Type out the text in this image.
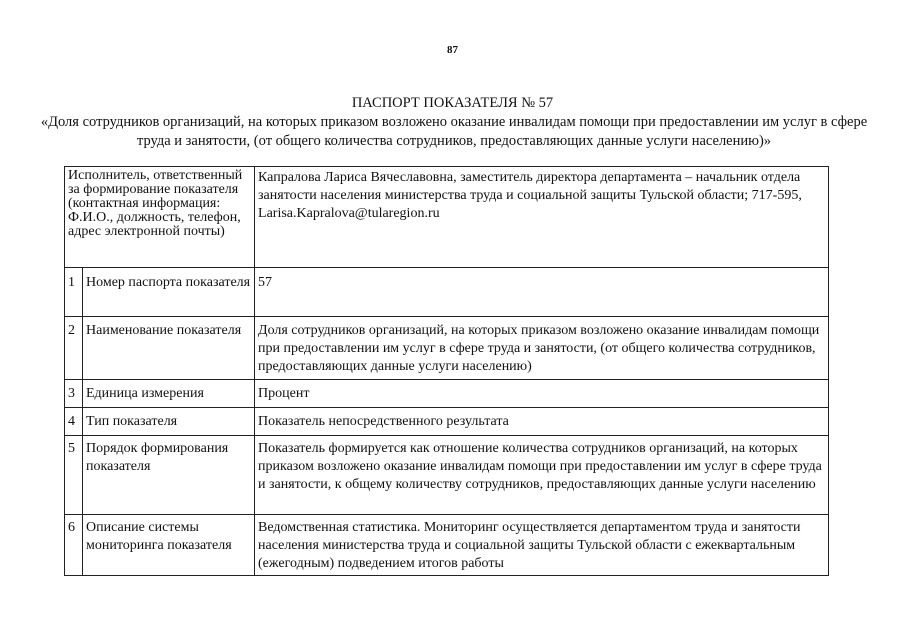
87
ПАСПОРТ ПОКАЗАТЕЛЯ № 57
«Доля сотрудников организаций, на которых приказом возложено оказание инвалидам помощи при предоставлении им услуг в сфере труда и занятости, (от общего количества сотрудников, предоставляющих данные услуги населению)»
Исполнитель, ответственный за формирование показателя (контактная информация: Ф.И.О., должность, телефон, адрес электронной почты)		Капралова Лариса Вячеславовна, заместитель директора департамента – начальник отдела занятости населения министерства труда и социальной защиты Тульской области; 717-595, Larisa.Kapralova@tularegion.ru
1	Номер паспорта показателя	57
2	Наименование показателя	Доля сотрудников организаций, на которых приказом возложено оказание инвалидам помощи при предоставлении им услуг в сфере труда и занятости, (от общего количества сотрудников, предоставляющих данные услуги населению)
3	Единица измерения	Процент
4	Тип показателя	Показатель непосредственного результата
5	Порядок формирования показателя	Показатель формируется как отношение количества сотрудников организаций, на которых приказом возложено оказание инвалидам помощи при предоставлении им услуг в сфере труда и занятости, к общему количеству сотрудников, предоставляющих данные услуги населению
6	Описание системы мониторинга показателя	Ведомственная статистика. Мониторинг осуществляется департаментом труда и занятости населения министерства труда и социальной защиты Тульской области с ежеквартальным (ежегодным) подведением итогов работы
